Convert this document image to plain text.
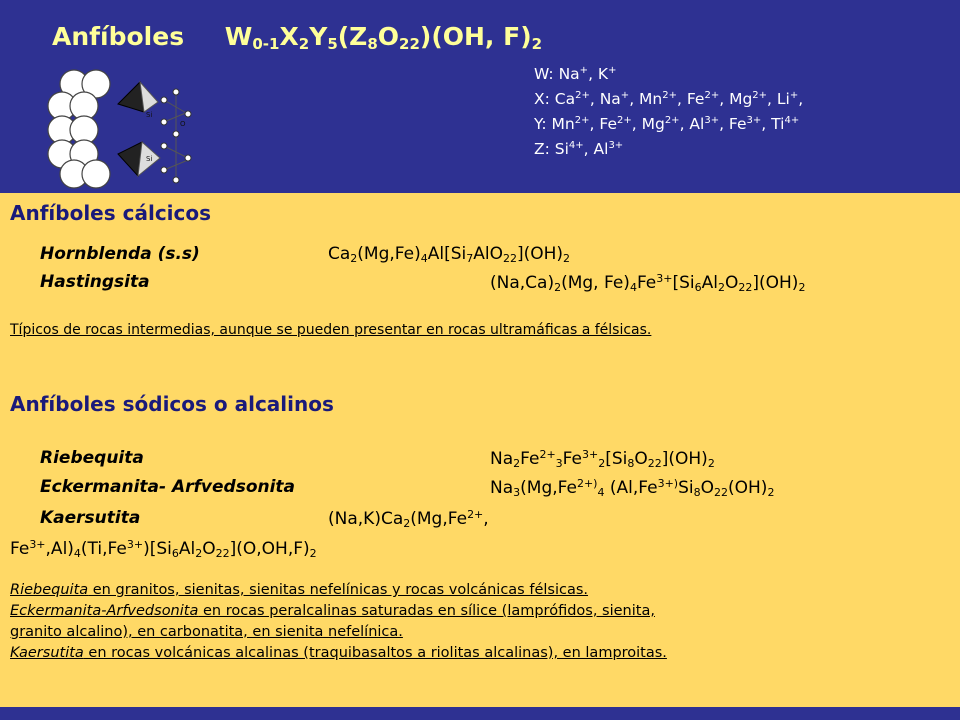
Anfíboles $W_{0-1}X_2Y_5(Z_8O_{22})(OH$, $F)_2$
Si
Si
O
W: Na+, K+
X: $Ca^{2+}$, Na+, $Mn^{2+}$, $Fe^{2+}$, $Mg^{2+}$, Li+,
Y: $Mn^{2+}$, $Fe^{2+}$, $Mg^{2+}$, $Al^{3+}$, $Fe^{3+}$, $Ti^{4+}$
Z: $Si^{4+}$, $Al^{3+}$
Anfíboles cálcicos
Hornblenda (s.s)	$Ca_2(Mg,Fe)_4Al[Si_7AlO_{22}](OH)_2$
Hastingsita	$(Na,Ca)_2(Mg$, $Fe)_4Fe^{3+}[Si_6Al_2O_{22}](OH)_2$
Típicos de rocas intermedias, aunque se pueden presentar en rocas ultramáficas a félsicas.
Anfíboles sódicos o alcalinos
Riebequita	$Na_2Fe^{2+}_3Fe^{3+}_2[Si_8O_{22}](OH)_2$
Eckermanita- Arfvedsonita	$Na_3(Mg,Fe^{2+)}_4$ ($Al,Fe^{3+)}Si_8O_{22}(OH)_2$
Kaersutita	$(Na,K)Ca_2(Mg,Fe^{2+}$,
$Fe^{3+},Al)_4(Ti,Fe^{3+})[Si_6Al_2O_{22}](O,OH,F)_2$
Riebequita en granitos, sienitas, sienitas nefelínicas y rocas volcánicas félsicas.
Eckermanita-Arfvedsonita en rocas peralcalinas saturadas en sílice (lamprófidos, sienita,
granito alcalino), en carbonatita, en sienita nefelínica.
Kaersutita en rocas volcánicas alcalinas (traquibasaltos a riolitas alcalinas), en lamproitas.
